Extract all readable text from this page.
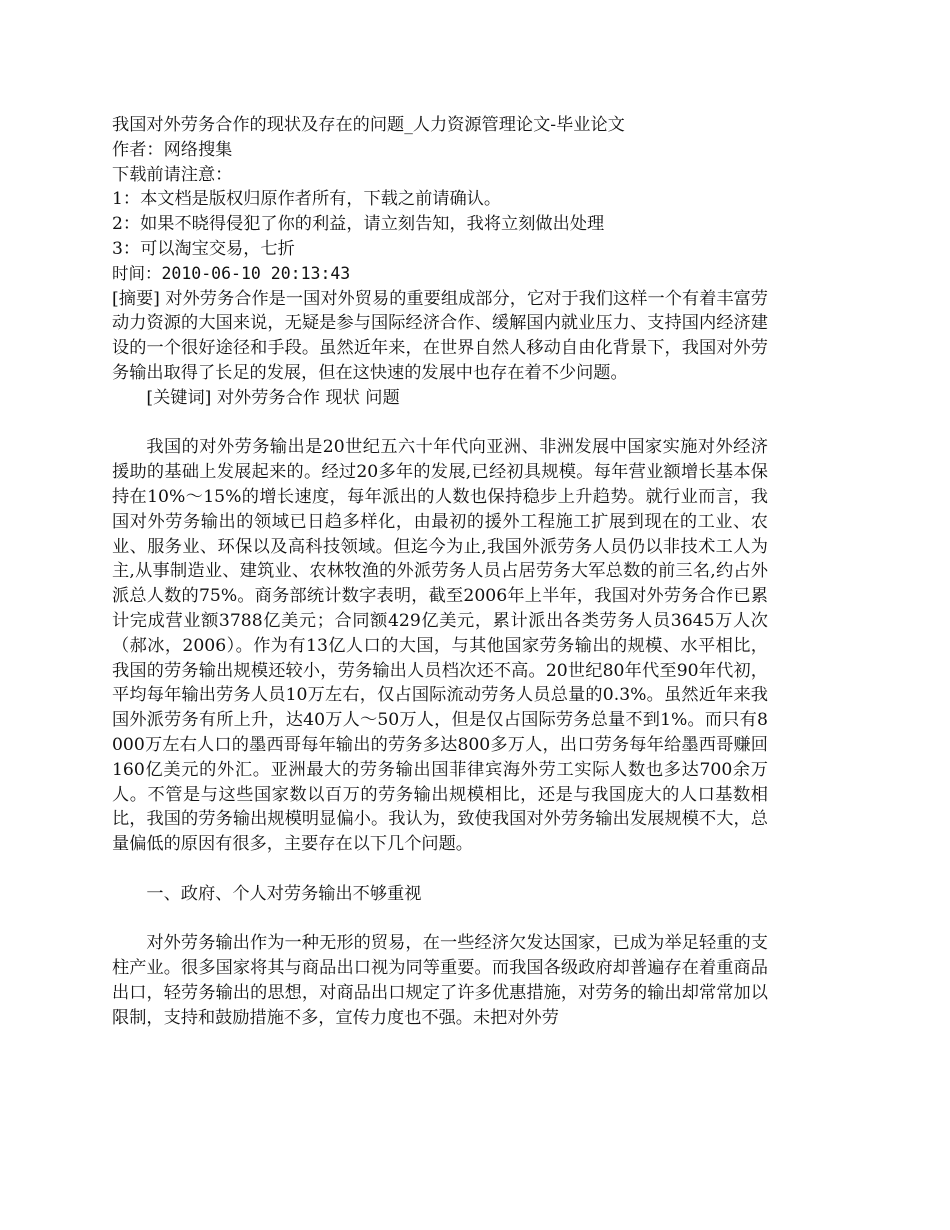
我国对外劳务合作的现状及存在的问题_人力资源管理论文-毕业论文
作者：网络搜集
下载前请注意：
1：本文档是版权归原作者所有，下载之前请确认。
2：如果不晓得侵犯了你的利益，请立刻告知，我将立刻做出处理
3：可以淘宝交易，七折
时间：2010-06-10 20:13:43
[摘要] 对外劳务合作是一国对外贸易的重要组成部分，它对于我们这样一个有着丰富劳动力资源的大国来说，无疑是参与国际经济合作、缓解国内就业压力、支持国内经济建设的一个很好途径和手段。虽然近年来，在世界自然人移动自由化背景下，我国对外劳务输出取得了长足的发展，但在这快速的发展中也存在着不少问题。
[关键词] 对外劳务合作 现状 问题
我国的对外劳务输出是20世纪五六十年代向亚洲、非洲发展中国家实施对外经济援助的基础上发展起来的。经过20多年的发展,已经初具规模。每年营业额增长基本保持在10%～15%的增长速度，每年派出的人数也保持稳步上升趋势。就行业而言，我国对外劳务输出的领域已日趋多样化，由最初的援外工程施工扩展到现在的工业、农业、服务业、环保以及高科技领域。但迄今为止,我国外派劳务人员仍以非技术工人为主,从事制造业、建筑业、农林牧渔的外派劳务人员占居劳务大军总数的前三名,约占外派总人数的75%。商务部统计数字表明，截至2006年上半年，我国对外劳务合作已累计完成营业额3788亿美元；合同额429亿美元，累计派出各类劳务人员3645万人次（郝冰，2006）。作为有13亿人口的大国，与其他国家劳务输出的规模、水平相比，我国的劳务输出规模还较小，劳务输出人员档次还不高。20世纪80年代至90年代初，平均每年输出劳务人员10万左右，仅占国际流动劳务人员总量的0.3%。虽然近年来我国外派劳务有所上升，达40万人～50万人，但是仅占国际劳务总量不到1%。而只有8000万左右人口的墨西哥每年输出的劳务多达800多万人，出口劳务每年给墨西哥赚回160亿美元的外汇。亚洲最大的劳务输出国菲律宾海外劳工实际人数也多达700余万人。不管是与这些国家数以百万的劳务输出规模相比，还是与我国庞大的人口基数相比，我国的劳务输出规模明显偏小。我认为，致使我国对外劳务输出发展规模不大，总量偏低的原因有很多，主要存在以下几个问题。
一、政府、个人对劳务输出不够重视
对外劳务输出作为一种无形的贸易，在一些经济欠发达国家，已成为举足轻重的支柱产业。很多国家将其与商品出口视为同等重要。而我国各级政府却普遍存在着重商品出口，轻劳务输出的思想，对商品出口规定了许多优惠措施，对劳务的输出却常常加以限制，支持和鼓励措施不多，宣传力度也不强。未把对外劳
